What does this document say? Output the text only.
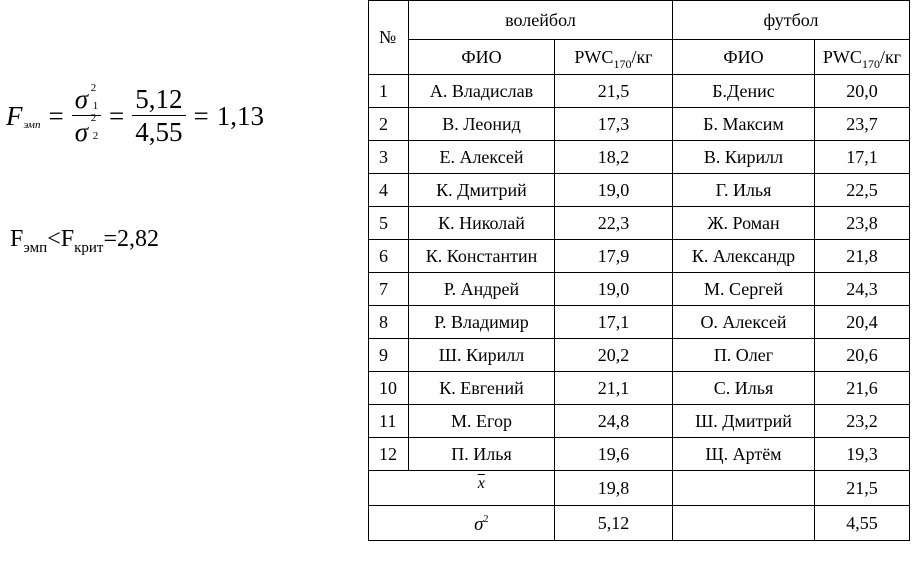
F эмп = σ 2
1
σ 2
$2 = \frac{5,12}{4,55} = 1,13$
$F_{эмп}<F_{крит}=2,82$
№	волейбол		футбол	
	ФИО	$PWC_{170}/кг$	ФИО	$PWC_{170}/кг$
1	А. Владислав	21,5	Б.Денис	20,0
2	В. Леонид	17,3	Б. Максим	23,7
3	Е. Алексей	18,2	В. Кирилл	17,1
4	К. Дмитрий	19,0	Г. Илья	22,5
5	К. Николай	22,3	Ж. Роман	23,8
6	К. Константин	17,9	К. Александр	21,8
7	Р. Андрей	19,0	М. Сергей	24,3
8	Р. Владимир	17,1	О. Алексей	20,4
9	Ш. Кирилл	20,2	П. Олег	20,6
10	К. Евгений	21,1	С. Илья	21,6
11	М. Егор	24,8	Ш. Дмитрий	23,2
12	П. Илья	19,6	Щ. Артём	19,3
	$\overline{x}$	19,8		21,5
	$\sigma^2$	5,12		4,55
